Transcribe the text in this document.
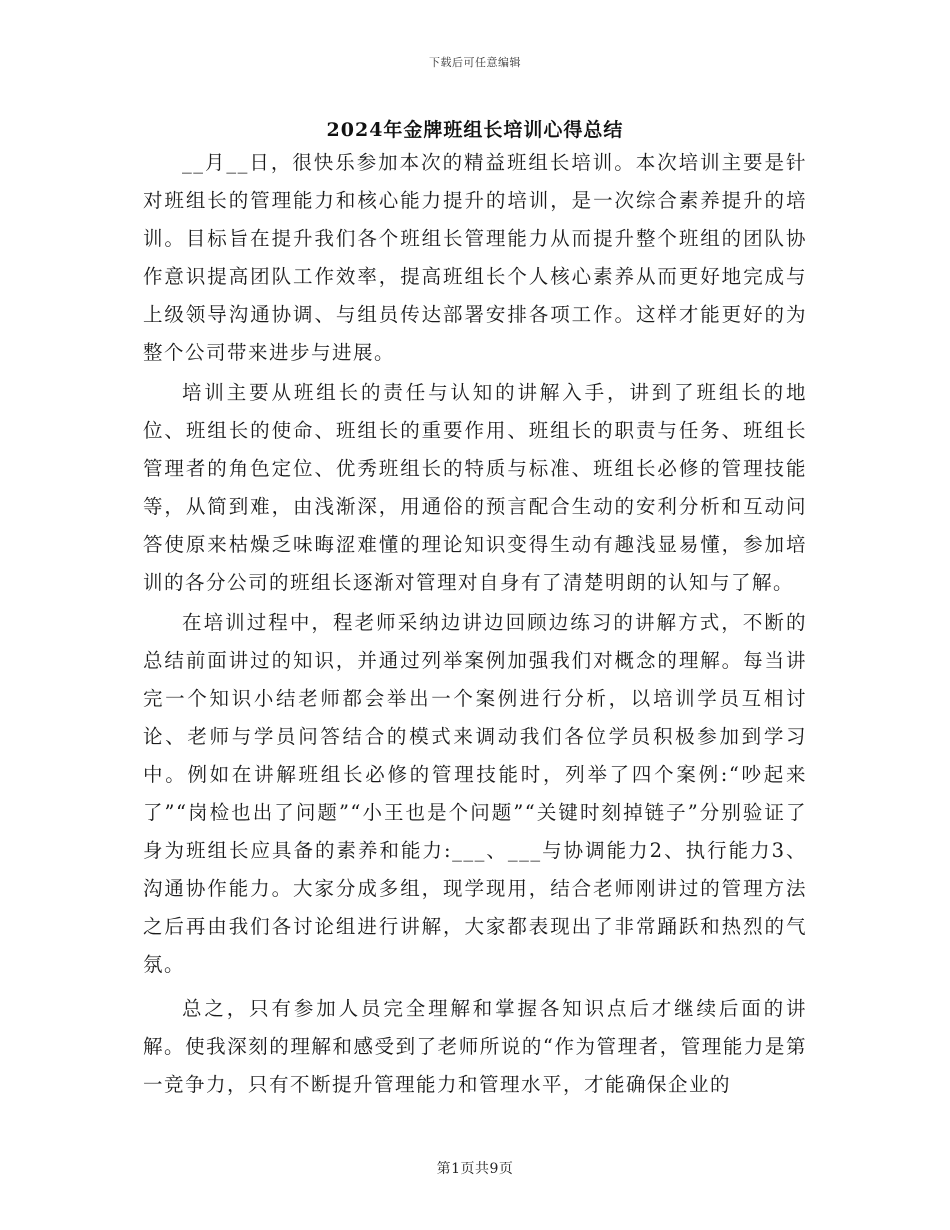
下载后可任意编辑
2024年金牌班组长培训心得总结

__月__日，很快乐参加本次的精益班组长培训。本次培训主要是针对班组长的管理能力和核心能力提升的培训，是一次综合素养提升的培训。目标旨在提升我们各个班组长管理能力从而提升整个班组的团队协作意识提高团队工作效率，提高班组长个人核心素养从而更好地完成与上级领导沟通协调、与组员传达部署安排各项工作。这样才能更好的为整个公司带来进步与进展。

培训主要从班组长的责任与认知的讲解入手，讲到了班组长的地位、班组长的使命、班组长的重要作用、班组长的职责与任务、班组长管理者的角色定位、优秀班组长的特质与标准、班组长必修的管理技能等，从简到难，由浅渐深，用通俗的预言配合生动的安利分析和互动问答使原来枯燥乏味晦涩难懂的理论知识变得生动有趣浅显易懂，参加培训的各分公司的班组长逐渐对管理对自身有了清楚明朗的认知与了解。

在培训过程中，程老师采纳边讲边回顾边练习的讲解方式，不断的总结前面讲过的知识，并通过列举案例加强我们对概念的理解。每当讲完一个知识小结老师都会举出一个案例进行分析，以培训学员互相讨论、老师与学员问答结合的模式来调动我们各位学员积极参加到学习中。例如在讲解班组长必修的管理技能时，列举了四个案例:“吵起来了”“岗检也出了问题”“小王也是个问题”“关键时刻掉链子”分别验证了身为班组长应具备的素养和能力:___、___与协调能力2、执行能力3、沟通协作能力。大家分成多组，现学现用，结合老师刚讲过的管理方法之后再由我们各讨论组进行讲解，大家都表现出了非常踊跃和热烈的气氛。

总之，只有参加人员完全理解和掌握各知识点后才继续后面的讲解。使我深刻的理解和感受到了老师所说的“作为管理者，管理能力是第一竞争力，只有不断提升管理能力和管理水平，才能确保企业的

第1页共9页
